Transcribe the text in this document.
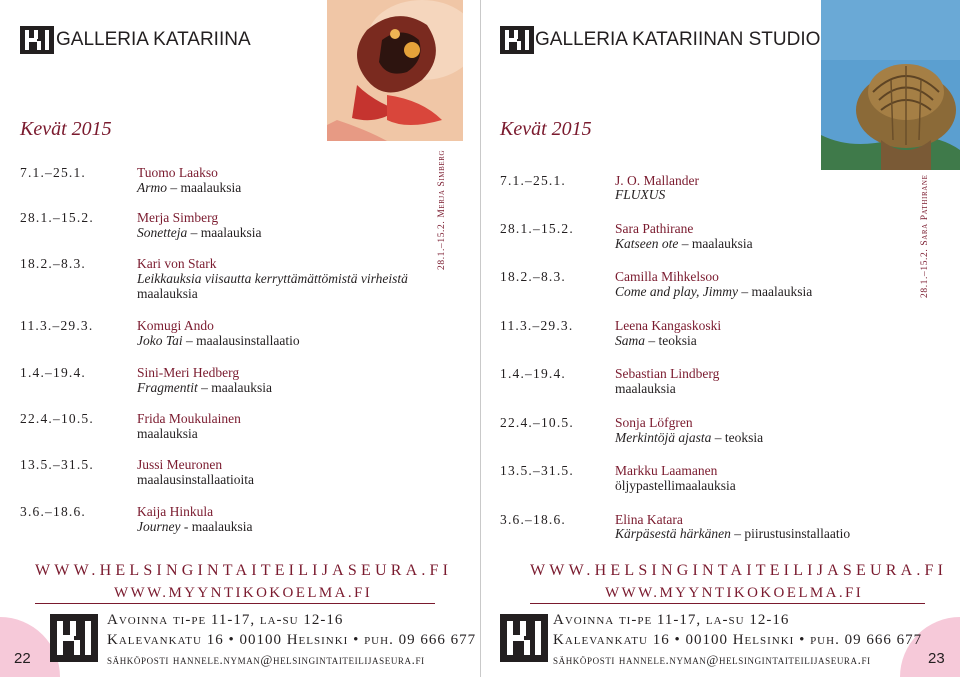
GALLERIA KATARIINA
Kevät 2015
7.1.–25.1.	Tuomo Laakso
Armo – maalauksia
28.1.–15.2.	Merja Simberg
Sonetteja – maalauksia
18.2.–8.3.	Kari von Stark
Leikkauksia viisautta kerryttämättömistä virheistä
maalauksia
11.3.–29.3.	Komugi Ando
Joko Tai – maalausinstallaatio
1.4.–19.4.	Sini-Meri Hedberg
Fragmentit – maalauksia
22.4.–10.5.	Frida Moukulainen
maalauksia
13.5.–31.5.	Jussi Meuronen
maalausinstallaatioita
3.6.–18.6.	Kaija Hinkula
Journey - maalauksia
28.1.–15.2. Merja Simberg
WWW.HELSINGINTAITEILIJASEURA.FI
WWW.MYYNTIKOKOELMA.FI
22
Avoinna ti-pe 11-17, la-su 12-16
Kalevankatu 16 • 00100 Helsinki • puh. 09 666 677
sähköposti hannele.nyman@helsingintaiteilijaseura.fi
GALLERIA KATARIINAN STUDIO
Kevät 2015
7.1.–25.1.	J. O. Mallander
FLUXUS
28.1.–15.2.	Sara Pathirane
Katseen ote – maalauksia
18.2.–8.3.	Camilla Mihkelsoo
Come and play, Jimmy – maalauksia
11.3.–29.3.	Leena Kangaskoski
Sama – teoksia
1.4.–19.4.	Sebastian Lindberg
maalauksia
22.4.–10.5.	Sonja Löfgren
Merkintöjä ajasta – teoksia
13.5.–31.5.	Markku Laamanen
öljypastellimaalauksia
3.6.–18.6.	Elina Katara
Kärpäsestä härkänen – piirustusinstallaatio
28.1.–15.2. Sara Pathirane
WWW.HELSINGINTAITEILIJASEURA.FI
WWW.MYYNTIKOKOELMA.FI
23
Avoinna ti-pe 11-17, la-su 12-16
Kalevankatu 16 • 00100 Helsinki • puh. 09 666 677
sähköposti hannele.nyman@helsingintaiteilijaseura.fi
